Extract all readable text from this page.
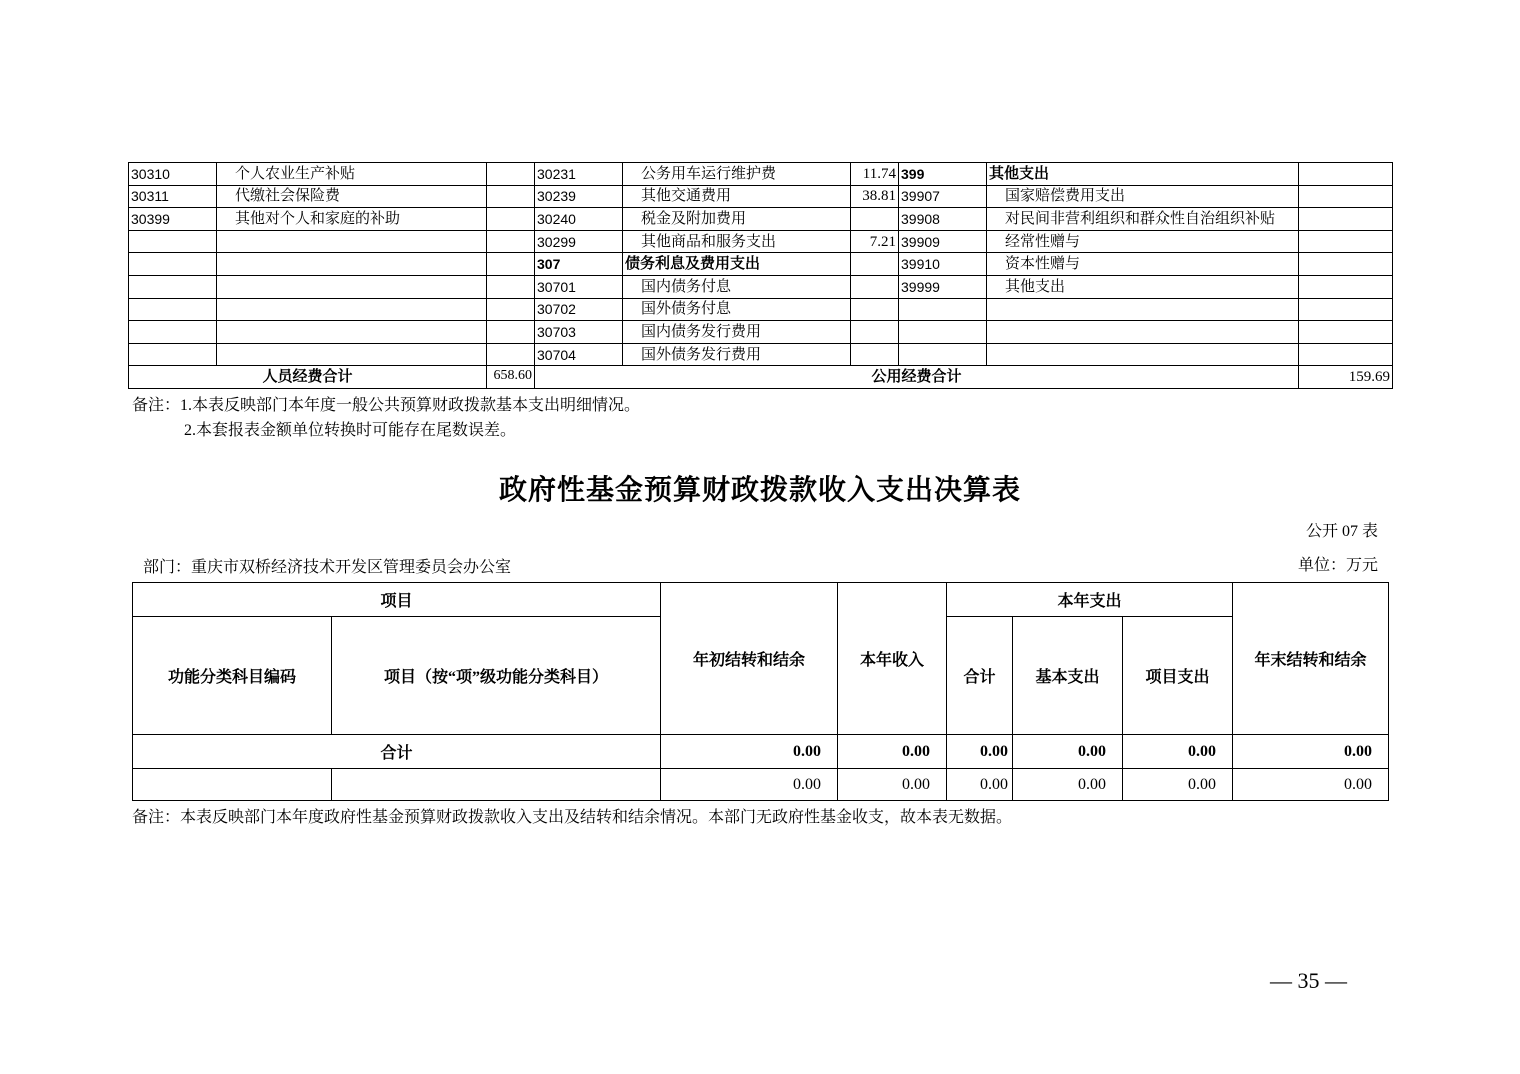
30310	个人农业生产补贴		30231	公务用车运行维护费	11.74	399	其他支出	
30311	代缴社会保险费		30239	其他交通费用	38.81	39907	国家赔偿费用支出	
30399	其他对个人和家庭的补助		30240	税金及附加费用		39908	对民间非营利组织和群众性自治组织补贴	
			30299	其他商品和服务支出	7.21	39909	经常性赠与	
			307	债务利息及费用支出		39910	资本性赠与	
			30701	国内债务付息		39999	其他支出	
			30702	国外债务付息				
			30703	国内债务发行费用				
			30704	国外债务发行费用				
人员经费合计		658.60	公用经费合计					159.69
备注：1.本表反映部门本年度一般公共预算财政拨款基本支出明细情况。
2.本套报表金额单位转换时可能存在尾数误差。
政府性基金预算财政拨款收入支出决算表
公开 07 表
部门：重庆市双桥经济技术开发区管理委员会办公室	单位：万元
项目		年初结转和结余	本年收入	本年支出			年末结转和结余
功能分类科目编码	项目（按“项”级功能分类科目）			合计	基本支出	项目支出	
合计		0.00	0.00	0.00	0.00	0.00	0.00
		0.00	0.00	0.00	0.00	0.00	0.00
备注：本表反映部门本年度政府性基金预算财政拨款收入支出及结转和结余情况。本部门无政府性基金收支，故本表无数据。
— 35 —
